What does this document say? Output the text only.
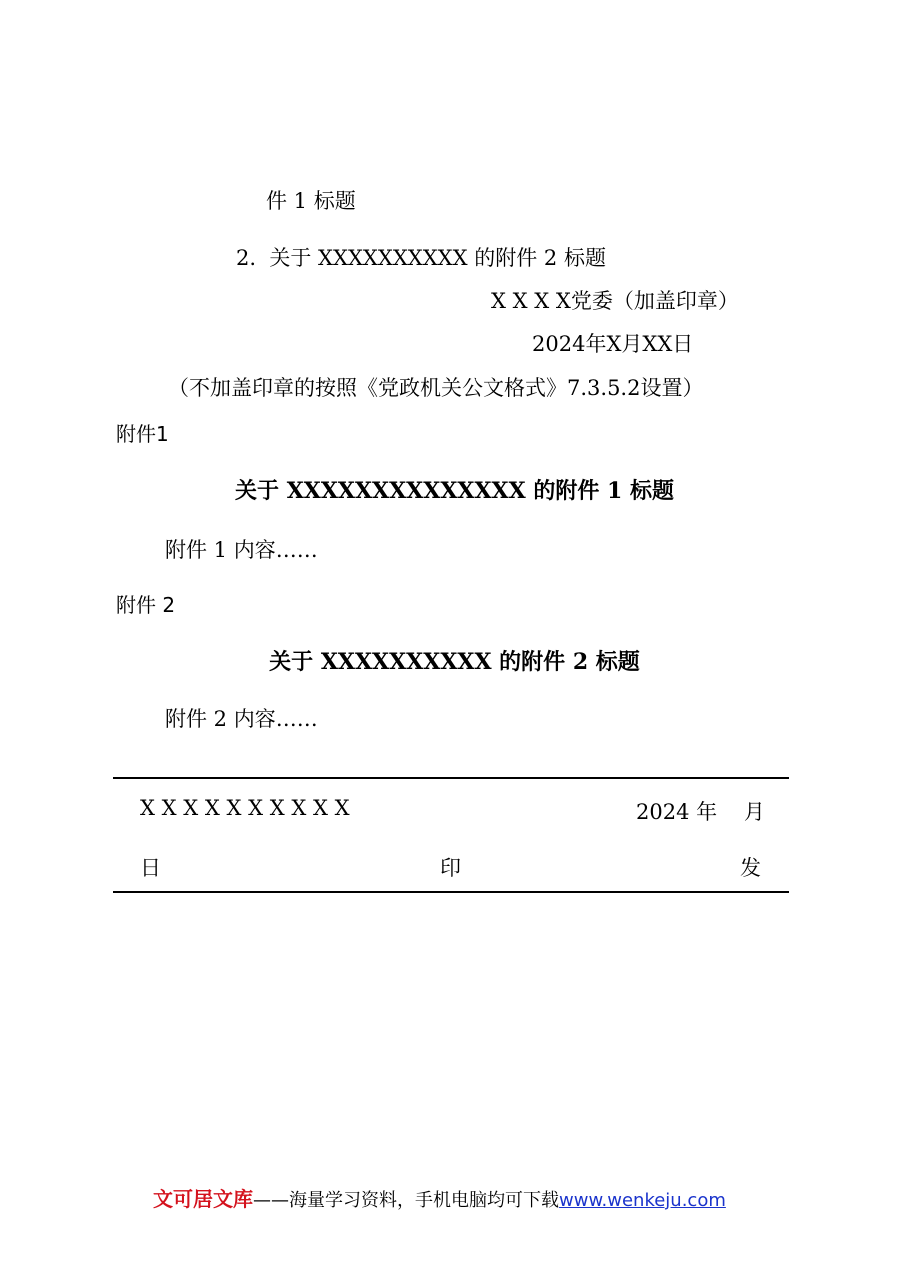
件 1 标题
2.  关于 XXXXXXXXXX 的附件 2 标题
X X X X党委（加盖印章）
2024年X月XX日
（不加盖印章的按照《党政机关公文格式》7.3.5.2设置）
附件1
关于 XXXXXXXXXXXXXX 的附件 1 标题
附件 1 内容……
附件 2
关于 XXXXXXXXXX 的附件 2 标题
附件 2 内容……
X X X X X X X X X X	2024 年    月
日	印	发
文可居文库——海量学习资料，手机电脑均可下载www.wenkeju.com
